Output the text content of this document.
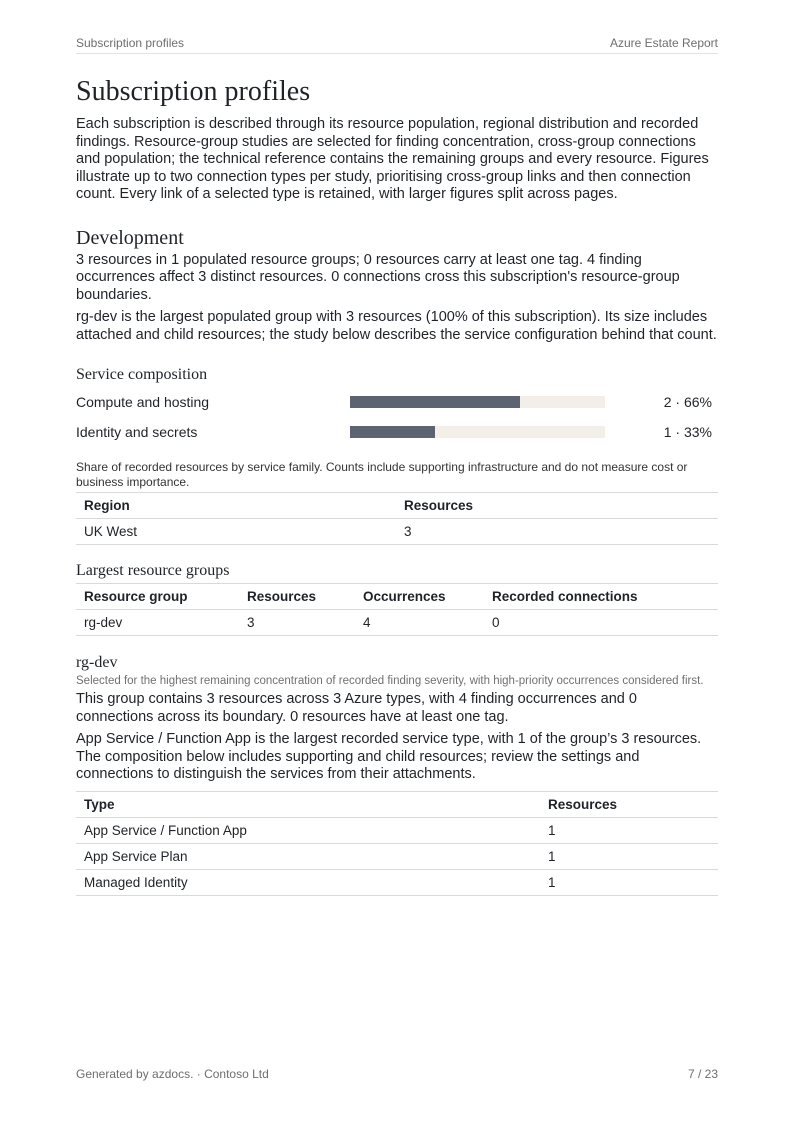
Subscription profiles	Azure Estate Report
Subscription profiles

Each subscription is described through its resource population, regional distribution and recorded findings. Resource-group studies are selected for finding concentration, cross-group connections and population; the technical reference contains the remaining groups and every resource. Figures illustrate up to two connection types per study, prioritising cross-group links and then connection count. Every link of a selected type is retained, with larger figures split across pages.

Development

3 resources in 1 populated resource groups; 0 resources carry at least one tag. 4 finding occurrences affect 3 distinct resources. 0 connections cross this subscription's resource-group boundaries.

rg-dev is the largest populated group with 3 resources (100% of this subscription). Its size includes attached and child resources; the study below describes the service configuration behind that count.

Service composition
Compute and hosting	2 · 66%
Identity and secrets	1 · 33%
Share of recorded resources by service family. Counts include supporting infrastructure and do not measure cost or business importance.
Region	Resources
UK West	3
Largest resource groups
Resource group	Resources	Occurrences	Recorded connections
rg-dev	3	4	0
rg-dev
Selected for the highest remaining concentration of recorded finding severity, with high-priority occurrences considered first.

This group contains 3 resources across 3 Azure types, with 4 finding occurrences and 0 connections across its boundary. 0 resources have at least one tag.

App Service / Function App is the largest recorded service type, with 1 of the group’s 3 resources. The composition below includes supporting and child resources; review the settings and connections to distinguish the services from their attachments.

Type	Resources
App Service / Function App	1
App Service Plan	1
Managed Identity	1
Generated by azdocs. · Contoso Ltd	7 / 23
